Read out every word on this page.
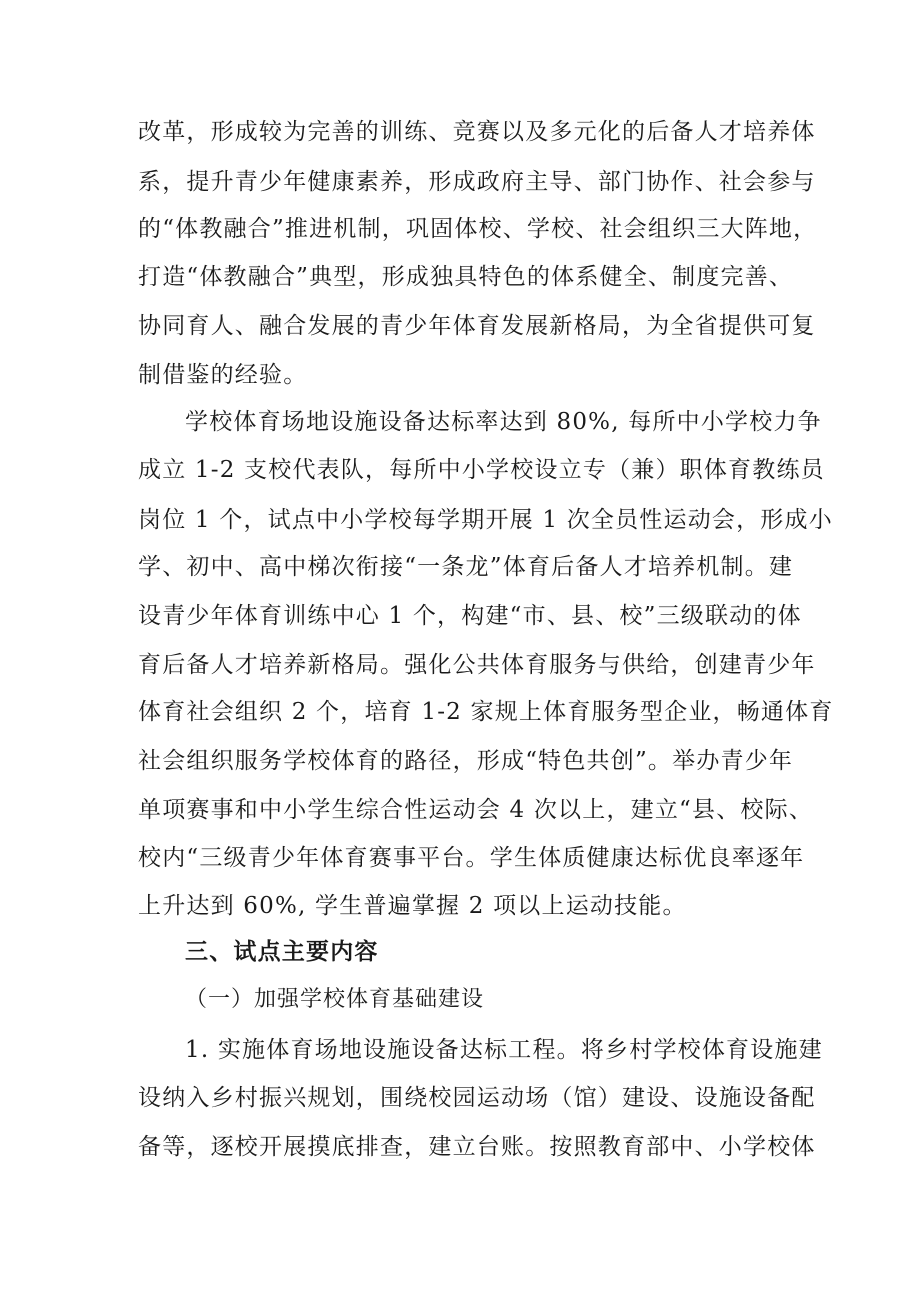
改革，形成较为完善的训练、竞赛以及多元化的后备人才培养体
系，提升青少年健康素养，形成政府主导、部门协作、社会参与
的“体教融合”推进机制，巩固体校、学校、社会组织三大阵地，
打造“体教融合”典型，形成独具特色的体系健全、制度完善、
协同育人、融合发展的青少年体育发展新格局，为全省提供可复
制借鉴的经验。
学校体育场地设施设备达标率达到 80%, 每所中小学校力争
成立 1-2 支校代表队，每所中小学校设立专（兼）职体育教练员
岗位 1 个，试点中小学校每学期开展 1 次全员性运动会，形成小
学、初中、高中梯次衔接“一条龙”体育后备人才培养机制。建
设青少年体育训练中心 1 个，构建“市、县、校”三级联动的体
育后备人才培养新格局。强化公共体育服务与供给，创建青少年
体育社会组织 2 个，培育 1-2 家规上体育服务型企业，畅通体育
社会组织服务学校体育的路径，形成“特色共创”。举办青少年
单项赛事和中小学生综合性运动会 4 次以上，建立“县、校际、
校内“三级青少年体育赛事平台。学生体质健康达标优良率逐年
上升达到 60%, 学生普遍掌握 2 项以上运动技能。
三、试点主要内容
（一）加强学校体育基础建设
1. 实施体育场地设施设备达标工程。将乡村学校体育设施建
设纳入乡村振兴规划，围绕校园运动场（馆）建设、设施设备配
备等，逐校开展摸底排查，建立台账。按照教育部中、小学校体
